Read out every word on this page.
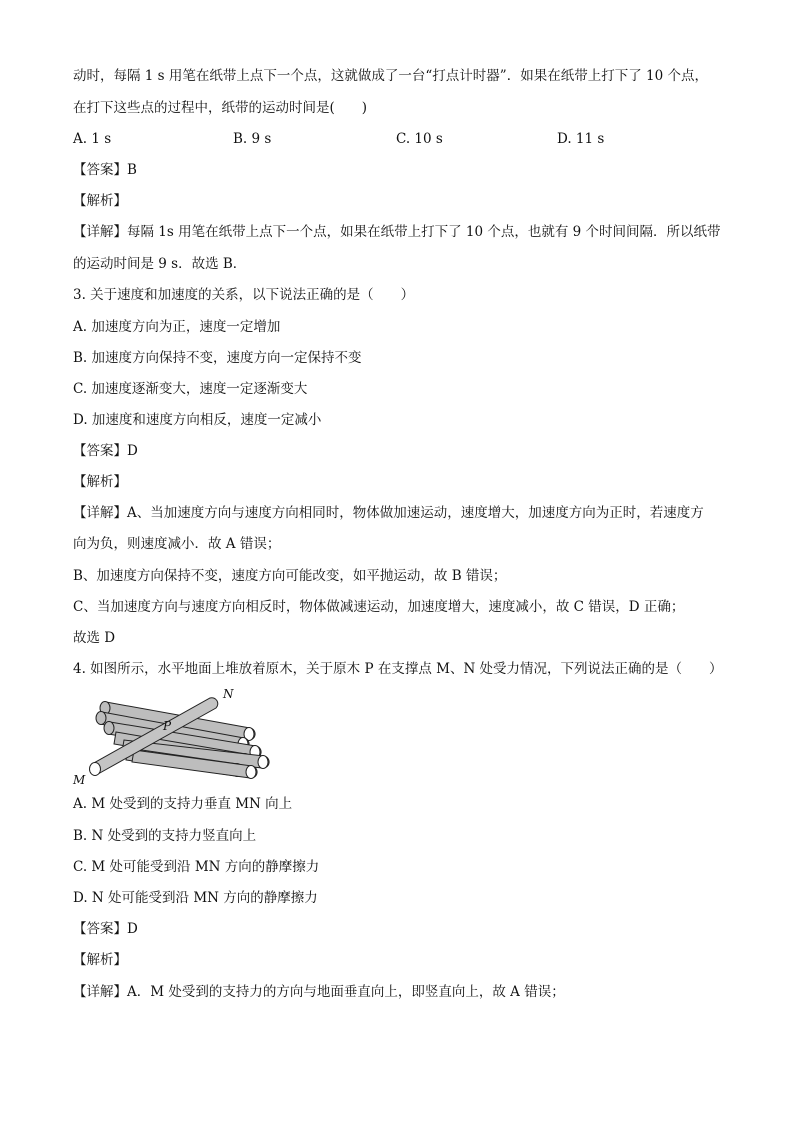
动时，每隔 1 s 用笔在纸带上点下一个点，这就做成了一台“打点计时器”．如果在纸带上打下了 10 个点，
在打下这些点的过程中，纸带的运动时间是(　　)
A. 1 s	B. 9 s	C. 10 s	D. 11 s
【答案】B
【解析】
【详解】每隔 1s 用笔在纸带上点下一个点，如果在纸带上打下了 10 个点，也就有 9 个时间间隔．所以纸带
的运动时间是 9 s．故选 B．
3. 关于速度和加速度的关系，以下说法正确的是（　　）
A. 加速度方向为正，速度一定增加
B. 加速度方向保持不变，速度方向一定保持不变
C. 加速度逐渐变大，速度一定逐渐变大
D. 加速度和速度方向相反，速度一定减小
【答案】D
【解析】
【详解】A、当加速度方向与速度方向相同时，物体做加速运动，速度增大，加速度方向为正时，若速度方
向为负，则速度减小．故 A 错误；
B、加速度方向保持不变，速度方向可能改变，如平抛运动，故 B 错误；
C、当加速度方向与速度方向相反时，物体做减速运动，加速度增大，速度减小，故 C 错误，D 正确；
故选 D
4. 如图所示，水平地面上堆放着原木，关于原木 P 在支撑点 M、N 处受力情况，下列说法正确的是（　　）
N
P
M
A. M 处受到的支持力垂直 MN 向上
B. N 处受到的支持力竖直向上
C. M 处可能受到沿 MN 方向的静摩擦力
D. N 处可能受到沿 MN 方向的静摩擦力
【答案】D
【解析】
【详解】A．M 处受到的支持力的方向与地面垂直向上，即竖直向上，故 A 错误；
